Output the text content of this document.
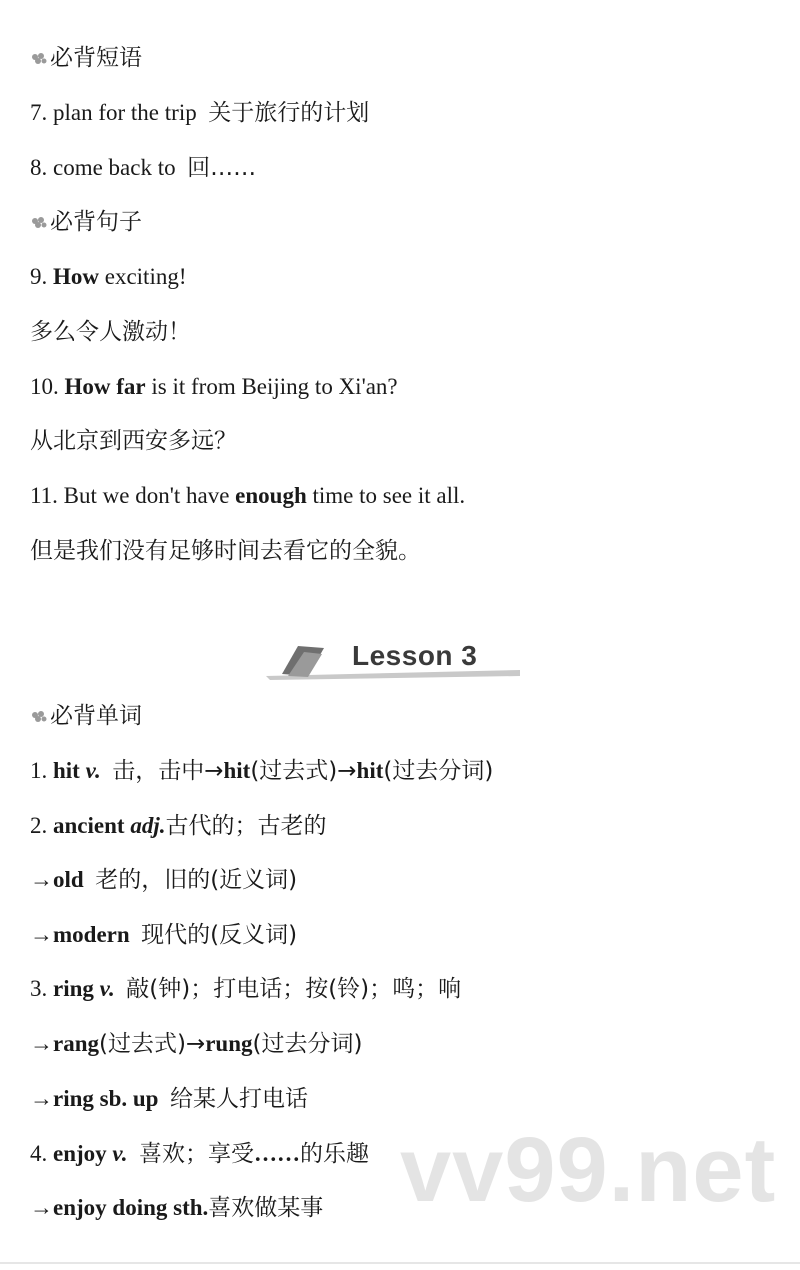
必背短语
7. plan for the trip 关于旅行的计划
8. come back to 回……
必背句子
9. How exciting!
多么令人激动！
10. How far is it from Beijing to Xi'an?
从北京到西安多远？
11. But we don't have enough time to see it all.
但是我们没有足够时间去看它的全貌。
Lesson 3
必背单词
1. hit v. 击，击中→hit(过去式)→hit(过去分词)
2. ancient adj.古代的；古老的
→old 老的，旧的(近义词)
→modern 现代的(反义词)
3. ring v. 敲(钟)；打电话；按(铃)；鸣；响
→rang(过去式)→rung(过去分词)
→ring sb. up 给某人打电话
4. enjoy v. 喜欢；享受……的乐趣
→enjoy doing sth.喜欢做某事 vv99.net
